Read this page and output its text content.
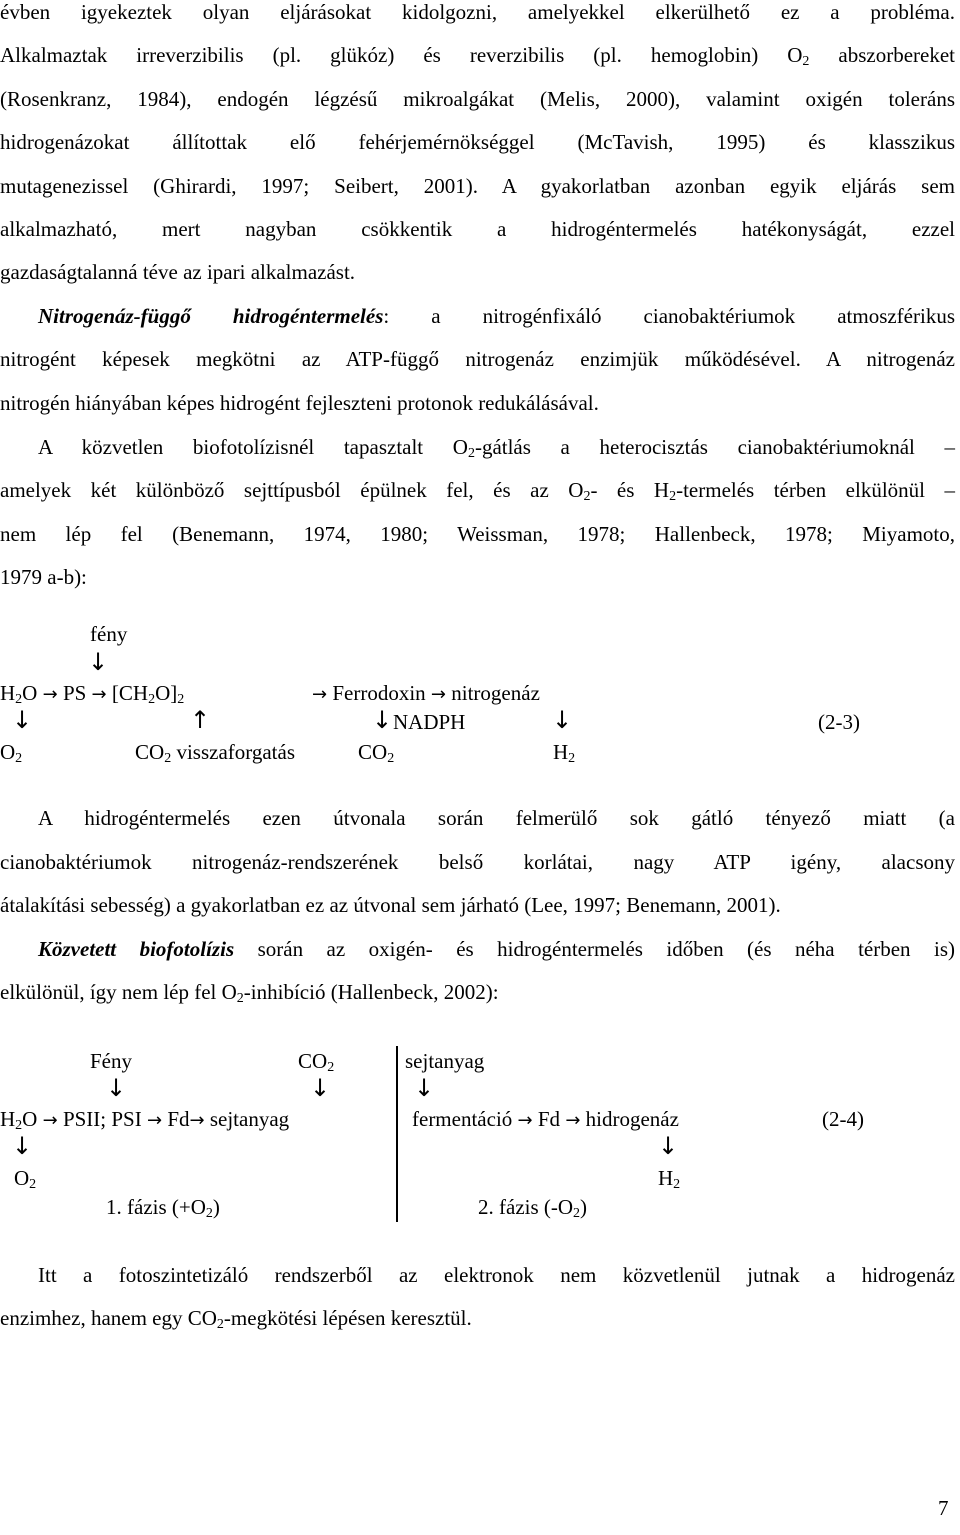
évben igyekeztek olyan eljárásokat kidolgozni, amelyekkel elkerülhető ez a probléma.
Alkalmaztak irreverzibilis (pl. glükóz) és reverzibilis (pl. hemoglobin) $O_2$ abszorbereket
(Rosenkranz, 1984), endogén légzésű mikroalgákat (Melis, 2000), valamint oxigén toleráns
hidrogenázokat állítottak elő fehérjemérnökséggel (McTavish, 1995) és klasszikus
mutagenezissel (Ghirardi, 1997; Seibert, 2001). A gyakorlatban azonban egyik eljárás sem
alkalmazható, mert nagyban csökkentik a hidrogéntermelés hatékonyságát, ezzel
gazdaságtalanná téve az ipari alkalmazást.
Nitrogenáz-függő hidrogéntermelés: a nitrogénfixáló cianobaktériumok atmoszférikus
nitrogént képesek megkötni az ATP-függő nitrogenáz enzimjük működésével. A nitrogenáz
nitrogén hiányában képes hidrogént fejleszteni protonok redukálásával.
A közvetlen biofotolízisnél tapasztalt $O_2$-gátlás a heterocisztás cianobaktériumoknál –
amelyek két különböző sejttípusból épülnek fel, és az $O_2-$ és $H_2$-termelés térben elkülönül –
nem lép fel (Benemann, 1974, 1980; Weissman, 1978; Hallenbeck, 1978; Miyamoto,
1979 a-b):
fény
↓
$H_2O$ → PS → $[CH_2O]_2$	→ Ferrodoxin → nitrogenáz
↓	↑	↓ NADPH	↓	(2-3)
$O_2$	$CO_2$ visszaforgatás	$CO_2$	$H_2$
A hidrogéntermelés ezen útvonala során felmerülő sok gátló tényező miatt (a
cianobaktériumok nitrogenáz-rendszerének belső korlátai, nagy ATP igény, alacsony
átalakítási sebesség) a gyakorlatban ez az útvonal sem járható (Lee, 1997; Benemann, 2001).
Közvetett biofotolízis során az oxigén- és hidrogéntermelés időben (és néha térben is)
elkülönül, így nem lép fel $O_2$-inhibíció (Hallenbeck, 2002):
Fény	$CO_2$	sejtanyag
↓	↓	↓
$H_2O$ → PSII; PSI → Fd→ sejtanyag	fermentáció → Fd → hidrogenáz	(2-4)
↓	↓
$O_2$	$H_2$
1. fázis $(+O_2)$	2. fázis $(-O_2)$
Itt a fotoszintetizáló rendszerből az elektronok nem közvetlenül jutnak a hidrogenáz
enzimhez, hanem egy $CO_2$-megkötési lépésen keresztül.
7
